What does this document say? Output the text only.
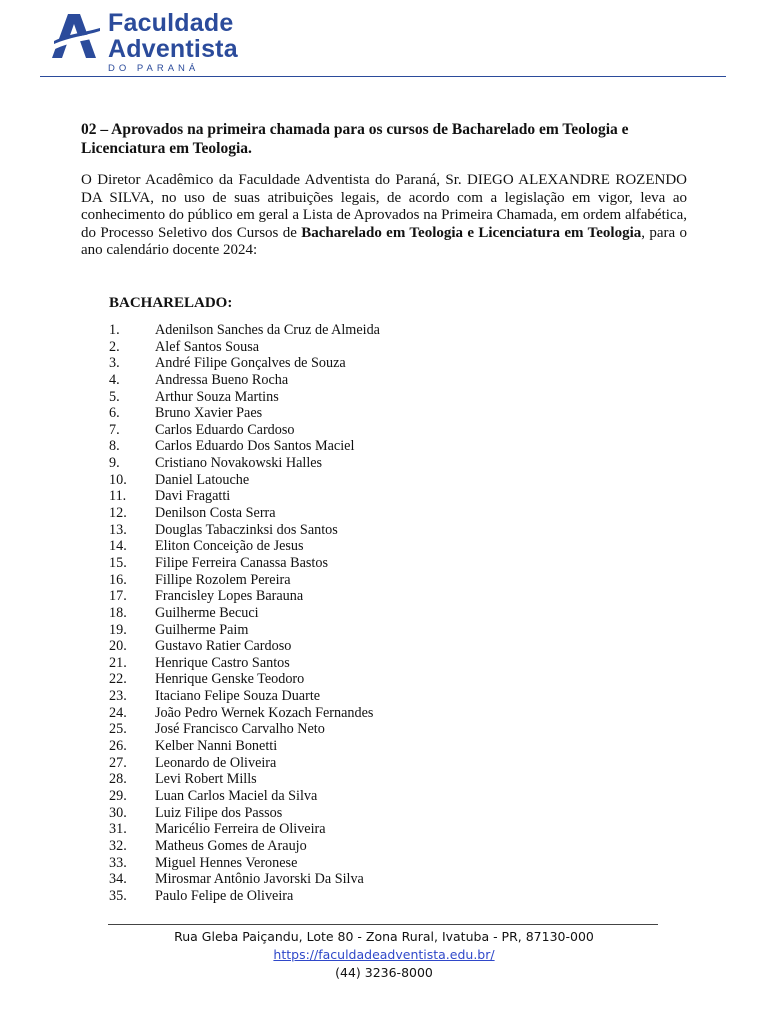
Faculdade
Adventista
DO PARANÁ
02 – Aprovados na primeira chamada para os cursos de Bacharelado em Teologia e Licenciatura em Teologia.
O Diretor Acadêmico da Faculdade Adventista do Paraná, Sr. DIEGO ALEXANDRE ROZENDO DA SILVA, no uso de suas atribuições legais, de acordo com a legislação em vigor, leva ao conhecimento do público em geral a Lista de Aprovados na Primeira Chamada, em ordem alfabética, do Processo Seletivo dos Cursos de Bacharelado em Teologia e Licenciatura em Teologia, para o ano calendário docente 2024:
BACHARELADO:
1. Adenilson Sanches da Cruz de Almeida
2. Alef Santos Sousa
3. André Filipe Gonçalves de Souza
4. Andressa Bueno Rocha
5. Arthur Souza Martins
6. Bruno Xavier Paes
7. Carlos Eduardo Cardoso
8. Carlos Eduardo Dos Santos Maciel
9. Cristiano Novakowski Halles
10. Daniel Latouche
11. Davi Fragatti
12. Denilson Costa Serra
13. Douglas Tabaczinksi dos Santos
14. Eliton Conceição de Jesus
15. Filipe Ferreira Canassa Bastos
16. Fillipe Rozolem Pereira
17. Francisley Lopes Barauna
18. Guilherme Becuci
19. Guilherme Paim
20. Gustavo Ratier Cardoso
21. Henrique Castro Santos
22. Henrique Genske Teodoro
23. Itaciano Felipe Souza Duarte
24. João Pedro Wernek Kozach Fernandes
25. José Francisco Carvalho Neto
26. Kelber Nanni Bonetti
27. Leonardo de Oliveira
28. Levi Robert Mills
29. Luan Carlos Maciel da Silva
30. Luiz Filipe dos Passos
31. Maricélio Ferreira de Oliveira
32. Matheus Gomes de Araujo
33. Miguel Hennes Veronese
34. Mirosmar Antônio Javorski Da Silva
35. Paulo Felipe de Oliveira
Rua Gleba Paiçandu, Lote 80 - Zona Rural, Ivatuba - PR, 87130-000
https://faculdadeadventista.edu.br/
(44) 3236-8000
